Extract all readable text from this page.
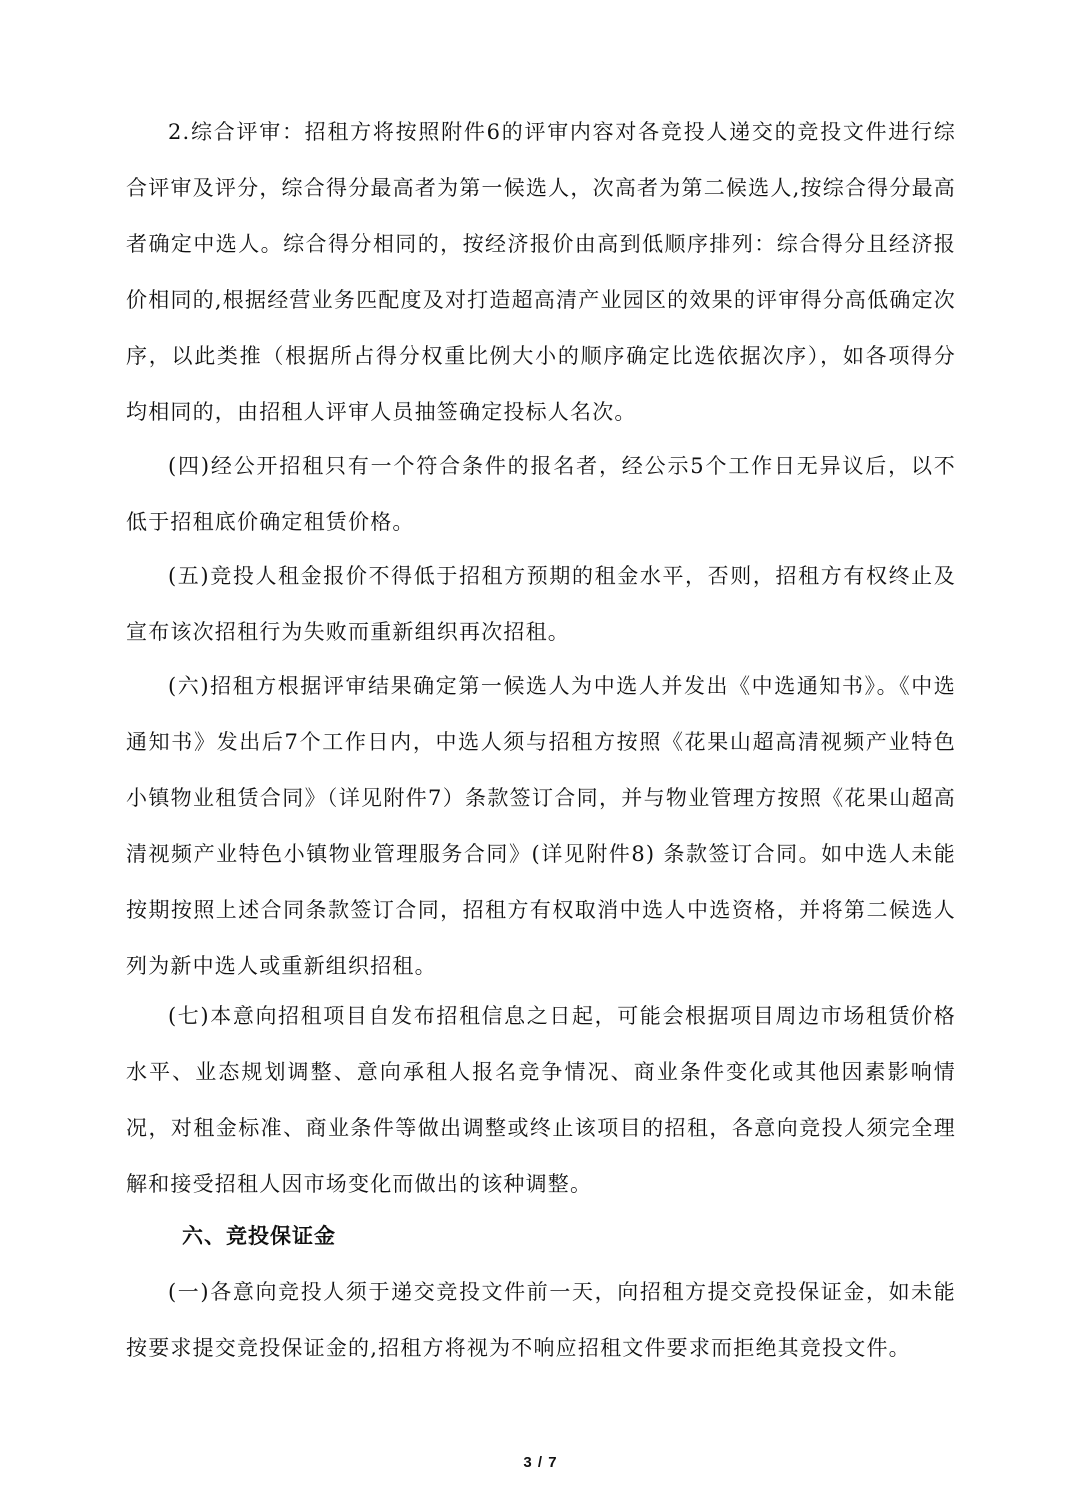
2.综合评审：招租方将按照附件6的评审内容对各竞投人递交的竞投文件进行综合评审及评分，综合得分最高者为第一候选人，次高者为第二候选人,按综合得分最高者确定中选人。综合得分相同的，按经济报价由高到低顺序排列：综合得分且经济报价相同的,根据经营业务匹配度及对打造超高清产业园区的效果的评审得分高低确定次序，以此类推（根据所占得分权重比例大小的顺序确定比选依据次序），如各项得分均相同的，由招租人评审人员抽签确定投标人名次。

(四)经公开招租只有一个符合条件的报名者，经公示5个工作日无异议后，以不低于招租底价确定租赁价格。

(五)竞投人租金报价不得低于招租方预期的租金水平，否则，招租方有权终止及宣布该次招租行为失败而重新组织再次招租。

(六)招租方根据评审结果确定第一候选人为中选人并发出《中选通知书》。《中选通知书》发出后7个工作日内，中选人须与招租方按照《花果山超高清视频产业特色小镇物业租赁合同》（详见附件7）条款签订合同，并与物业管理方按照《花果山超高清视频产业特色小镇物业管理服务合同》(详见附件8) 条款签订合同。如中选人未能按期按照上述合同条款签订合同，招租方有权取消中选人中选资格，并将第二候选人列为新中选人或重新组织招租。

(七)本意向招租项目自发布招租信息之日起，可能会根据项目周边市场租赁价格水平、业态规划调整、意向承租人报名竞争情况、商业条件变化或其他因素影响情况，对租金标准、商业条件等做出调整或终止该项目的招租，各意向竞投人须完全理解和接受招租人因市场变化而做出的该种调整。

六、竞投保证金

(一)各意向竞投人须于递交竞投文件前一天，向招租方提交竞投保证金，如未能按要求提交竞投保证金的,招租方将视为不响应招租文件要求而拒绝其竞投文件。

3 / 7
